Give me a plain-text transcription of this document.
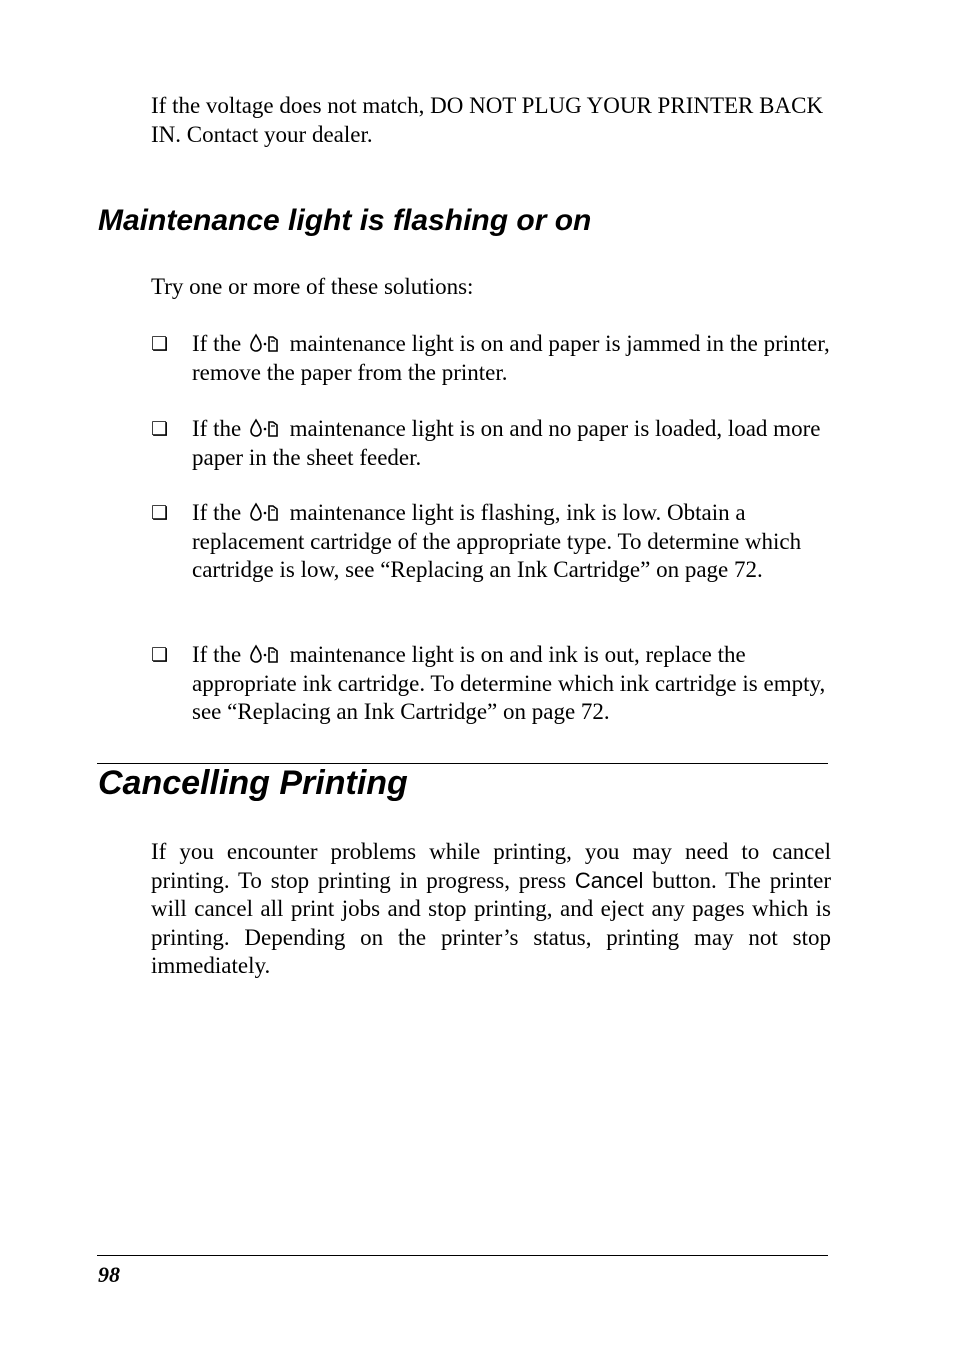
If the voltage does not match, DO NOT PLUG YOUR PRINTER BACK IN. Contact your dealer.

Maintenance light is flashing or on

Try one or more of these solutions:

❏	If the maintenance light is on and paper is jammed in the printer, remove the paper from the printer.
❏	If the maintenance light is on and no paper is loaded, load more paper in the sheet feeder.
❏	If the maintenance light is flashing, ink is low. Obtain a replacement cartridge of the appropriate type. To determine which cartridge is low, see “Replacing an Ink Cartridge” on page 72.
❏	If the maintenance light is on and ink is out, replace the appropriate ink cartridge. To determine which ink cartridge is empty, see “Replacing an Ink Cartridge” on page 72.
Cancelling Printing

If you encounter problems while printing, you may need to cancel printing. To stop printing in progress, press Cancel button. The printer will cancel all print jobs and stop printing, and eject any pages which is printing. Depending on the printer’s status, printing may not stop immediately.

98
